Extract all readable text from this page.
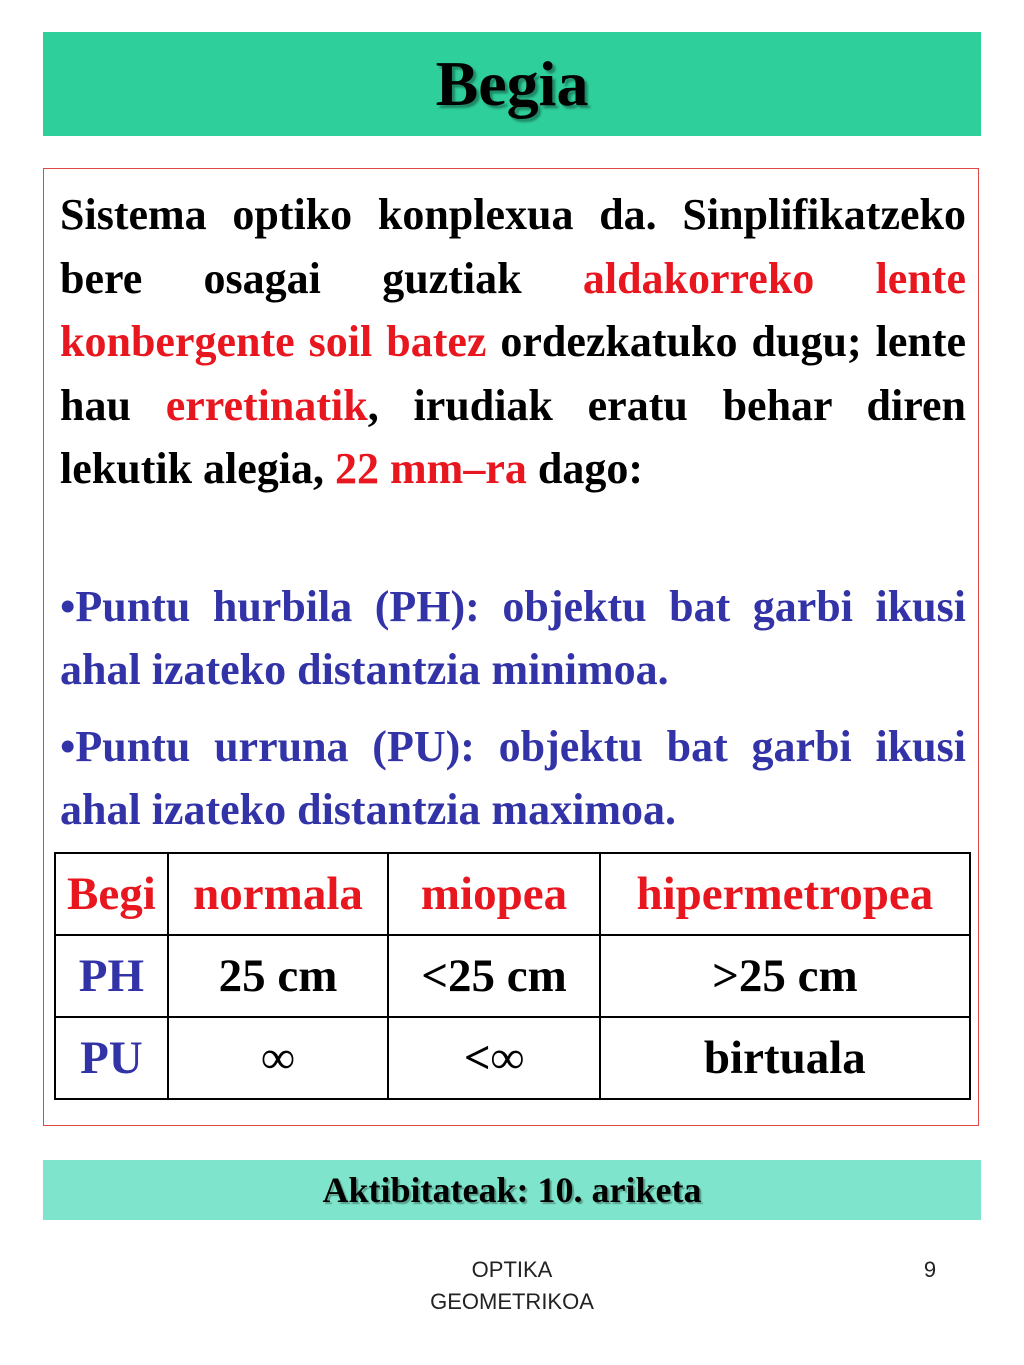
Begia

Sistema optiko konplexua da. Sinplifikatzeko bere osagai guztiak aldakorreko lente konbergente soil batez ordezkatuko dugu; lente hau erretinatik, irudiak eratu behar diren lekutik alegia, 22 mm–ra dago:

•Puntu hurbila (PH): objektu bat garbi ikusi ahal izateko distantzia minimoa.

•Puntu urruna (PU): objektu bat garbi ikusi ahal izateko distantzia maximoa.

Begi	normala	miopea	hipermetropea
PH	25 cm	<25 cm	>25 cm
PU	∞	<∞	birtuala
Aktibitateak: 10. ariketa
OPTIKA
GEOMETRIKOA
9
